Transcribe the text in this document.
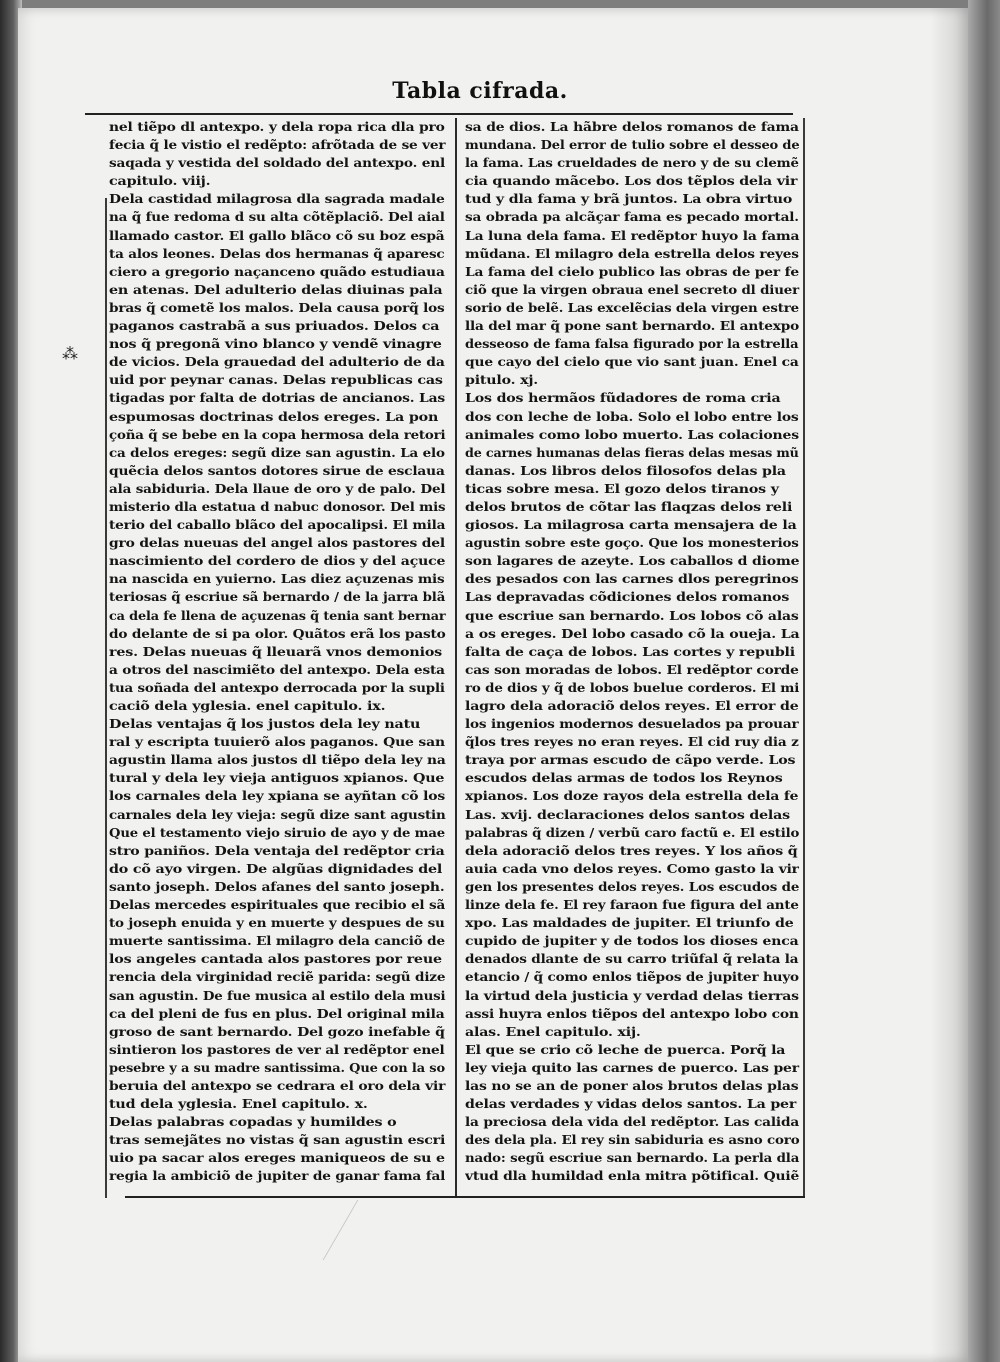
Tabla cifrada.
⁂
nel tiẽpo dl antexpo. y dela ropa rica dla pro
fecia q̃ le vistio el redẽpto: afrõtada de se ver
saqada y vestida del soldado del antexpo. enl
capitulo. viij.
Dela castidad milagrosa dla sagrada madale
na q̃ fue redoma d su alta cõtẽplaciõ. Del aial
llamado castor. El gallo blãco cõ su boz espã
ta alos leones. Delas dos hermanas q̃ aparesc
ciero a gregorio naçanceno quãdo estudiaua
en atenas. Del adulterio delas diuinas pala
bras q̃ cometẽ los malos. Dela causa porq̃ los
paganos castrabã a sus priuados. Delos ca
nos q̃ pregonã vino blanco y vendẽ vinagre
de vicios. Dela grauedad del adulterio de da
uid por peynar canas. Delas republicas cas
tigadas por falta de dotrias de ancianos. Las
espumosas doctrinas delos ereges. La pon
çoña q̃ se bebe en la copa hermosa dela retori
ca delos ereges: segũ dize san agustin. La elo
quẽcia delos santos dotores sirue de esclaua
ala sabiduria. Dela llaue de oro y de palo. Del
misterio dla estatua d nabuc donosor. Del mis
terio del caballo blãco del apocalipsi. El mila
gro delas nueuas del angel alos pastores del
nascimiento del cordero de dios y del açuce
na nascida en yuierno. Las diez açuzenas mis
teriosas q̃ escriue sã bernardo / de la jarra blã
ca dela fe llena de açuzenas q̃ tenia sant bernar
do delante de si pa olor. Quãtos erã los pasto
res. Delas nueuas q̃ lleuarã vnos demonios
a otros del nascimiẽto del antexpo. Dela esta
tua soñada del antexpo derrocada por la supli
caciõ dela yglesia. enel capitulo. ix.
Delas ventajas q̃ los justos dela ley natu
ral y escripta tuuierõ alos paganos. Que san
agustin llama alos justos dl tiẽpo dela ley na
tural y dela ley vieja antiguos xpianos. Que
los carnales dela ley xpiana se ayñtan cõ los
carnales dela ley vieja: segũ dize sant agustin
Que el testamento viejo siruio de ayo y de mae
stro paniños. Dela ventaja del redẽptor cria
do cõ ayo virgen. De algũas dignidades del
santo joseph. Delos afanes del santo joseph.
Delas mercedes espirituales que recibio el sã
to joseph enuida y en muerte y despues de su
muerte santissima. El milagro dela canciõ de
los angeles cantada alos pastores por reue
rencia dela virginidad reciẽ parida: segũ dize
san agustin. De fue musica al estilo dela musi
ca del pleni de fus en plus. Del original mila
groso de sant bernardo. Del gozo inefable q̃
sintieron los pastores de ver al redẽptor enel
pesebre y a su madre santissima. Que con la so
beruia del antexpo se cedrara el oro dela vir
tud dela yglesia. Enel capitulo. x.
Delas palabras copadas y humildes o
tras semejãtes no vistas q̃ san agustin escri
uio pa sacar alos ereges maniqueos de su e
regia la ambiciõ de jupiter de ganar fama fal
sa de dios. La hãbre delos romanos de fama
mundana. Del error de tulio sobre el desseo de
la fama. Las crueldades de nero y de su clemẽ
cia quando mãcebo. Los dos tẽplos dela vir
tud y dla fama y brã juntos. La obra virtuo
sa obrada pa alcãçar fama es pecado mortal.
La luna dela fama. El redẽptor huyo la fama
mũdana. El milagro dela estrella delos reyes
La fama del cielo publico las obras de per fe
ciõ que la virgen obraua enel secreto dl diuer
sorio de belẽ. Las excelẽcias dela virgen estre
lla del mar q̃ pone sant bernardo. El antexpo
desseoso de fama falsa figurado por la estrella
que cayo del cielo que vio sant juan. Enel ca
pitulo. xj.
Los dos hermãos fũdadores de roma cria
dos con leche de loba. Solo el lobo entre los
animales como lobo muerto. Las colaciones
de carnes humanas delas fieras delas mesas mũ
danas. Los libros delos filosofos delas pla
ticas sobre mesa. El gozo delos tiranos y
delos brutos de cõtar las flaqzas delos reli
giosos. La milagrosa carta mensajera de la
agustin sobre este goço. Que los monesterios
son lagares de azeyte. Los caballos d diome
des pesados con las carnes dlos peregrinos
Las depravadas cõdiciones delos romanos
que escriue san bernardo. Los lobos cõ alas
a os ereges. Del lobo casado cõ la oueja. La
falta de caça de lobos. Las cortes y republi
cas son moradas de lobos. El redẽptor corde
ro de dios y q̃ de lobos buelue corderos. El mi
lagro dela adoraciõ delos reyes. El error de
los ingenios modernos desuelados pa prouar
q̃los tres reyes no eran reyes. El cid ruy dia z
traya por armas escudo de cãpo verde. Los
escudos delas armas de todos los Reynos
xpianos. Los doze rayos dela estrella dela fe
Las. xvij. declaraciones delos santos delas
palabras q̃ dizen / verbũ caro factũ e. El estilo
dela adoraciõ delos tres reyes. Y los años q̃
auia cada vno delos reyes. Como gasto la vir
gen los presentes delos reyes. Los escudos de
linze dela fe. El rey faraon fue figura del ante
xpo. Las maldades de jupiter. El triunfo de
cupido de jupiter y de todos los dioses enca
denados dlante de su carro triũfal q̃ relata la
etancio / q̃ como enlos tiẽpos de jupiter huyo
la virtud dela justicia y verdad delas tierras
assi huyra enlos tiẽpos del antexpo lobo con
alas. Enel capitulo. xij.
El que se crio cõ leche de puerca. Porq̃ la
ley vieja quito las carnes de puerco. Las per
las no se an de poner alos brutos delas plas
delas verdades y vidas delos santos. La per
la preciosa dela vida del redẽptor. Las calida
des dela pla. El rey sin sabiduria es asno coro
nado: segũ escriue san bernardo. La perla dla
vtud dla humildad enla mitra põtifical. Quiẽ
